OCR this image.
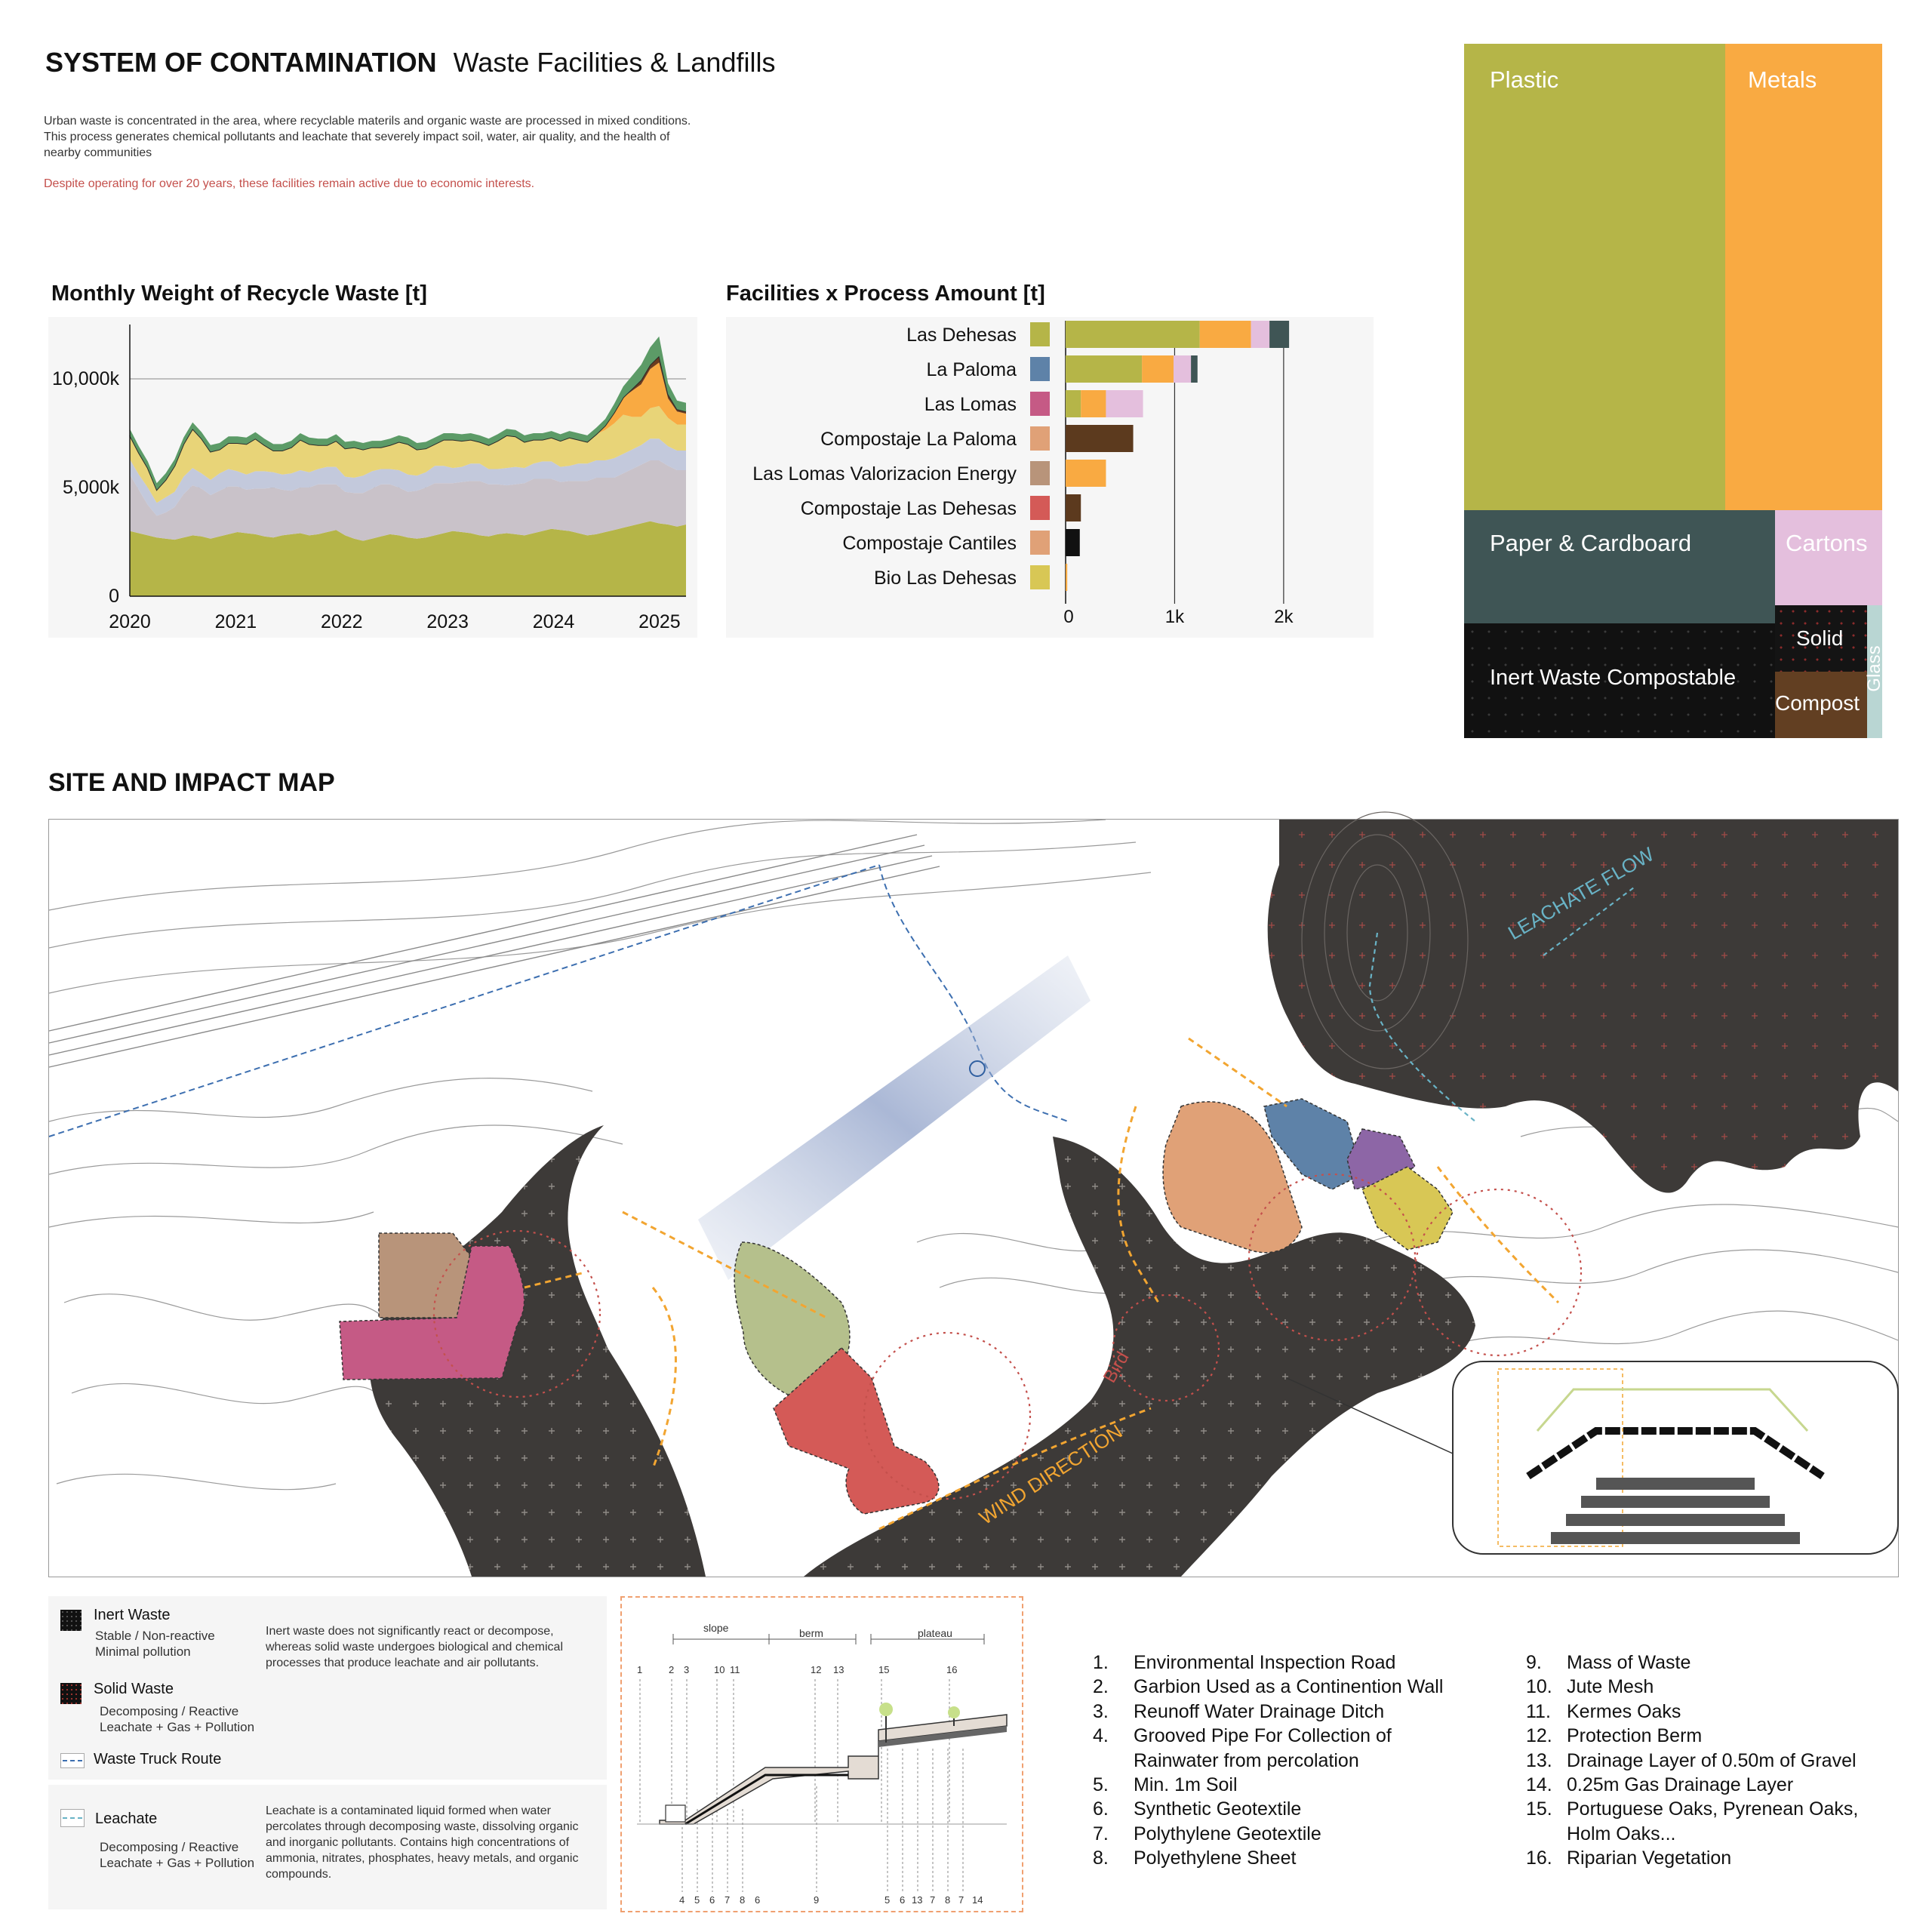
SYSTEM OF CONTAMINATION Waste Facilities & Landfills
Urban waste is concentrated in the area, where recyclable materils and organic waste are processed in mixed conditions. This process generates chemical pollutants and leachate that severely impact soil, water, air quality, and the health of nearby communities
Despite operating for over 20 years, these facilities remain active due to economic interests.
Monthly Weight of Recycle Waste [t]
0
5,000k
10,000k
2020	2021	2022	2023	2024	2025
Facilities x Process Amount [t]
0	1k	2k
Las Dehesas
La Paloma
Las Lomas
Compostaje La Paloma
Las Lomas Valorizacion Energy
Compostaje Las Dehesas
Compostaje Cantiles
Bio Las Dehesas
Plastic	Metals
Paper & Cardboard	Cartons
Inert Waste Compostable
Solid
Compost
Glass
SITE AND IMPACT MAP
LEACHATE FLOW
WIND DIRECTION
Bird
Inert Waste
Stable / Non-reactive
Minimal pollution
Inert waste does not significantly react or decompose, whereas solid waste undergoes biological and chemical processes that produce leachate and air pollutants.
Solid Waste
Decomposing / Reactive
Leachate + Gas + Pollution
Waste Truck Route
Leachate
Decomposing / Reactive
Leachate + Gas + Pollution
Leachate is a contaminated liquid formed when water percolates through decomposing waste, dissolving organic and inorganic pollutants. Contains high concentrations of ammonia, nitrates, phosphates, heavy metals, and organic compounds.
slope	berm	plateau
1	2 3	10 11	12 13	15	16
4 5 6 7 8 6	9	5 6 13 7 8 7 14
1.	Environmental Inspection Road
2.	Garbion Used as a Continention Wall
3.	Reunoff Water Drainage Ditch
4.	Grooved Pipe For Collection of Rainwater from percolation
5.	Min. 1m Soil
6.	Synthetic Geotextile
7.	Polythylene Geotextile
8.	Polyethylene Sheet
9.	Mass of Waste
10. Jute Mesh
11. Kermes Oaks
12. Protection Berm
13. Drainage Layer of 0.50m of Gravel
14. 0.25m Gas Drainage Layer
15. Portuguese Oaks, Pyrenean Oaks, Holm Oaks...
16. Riparian Vegetation
